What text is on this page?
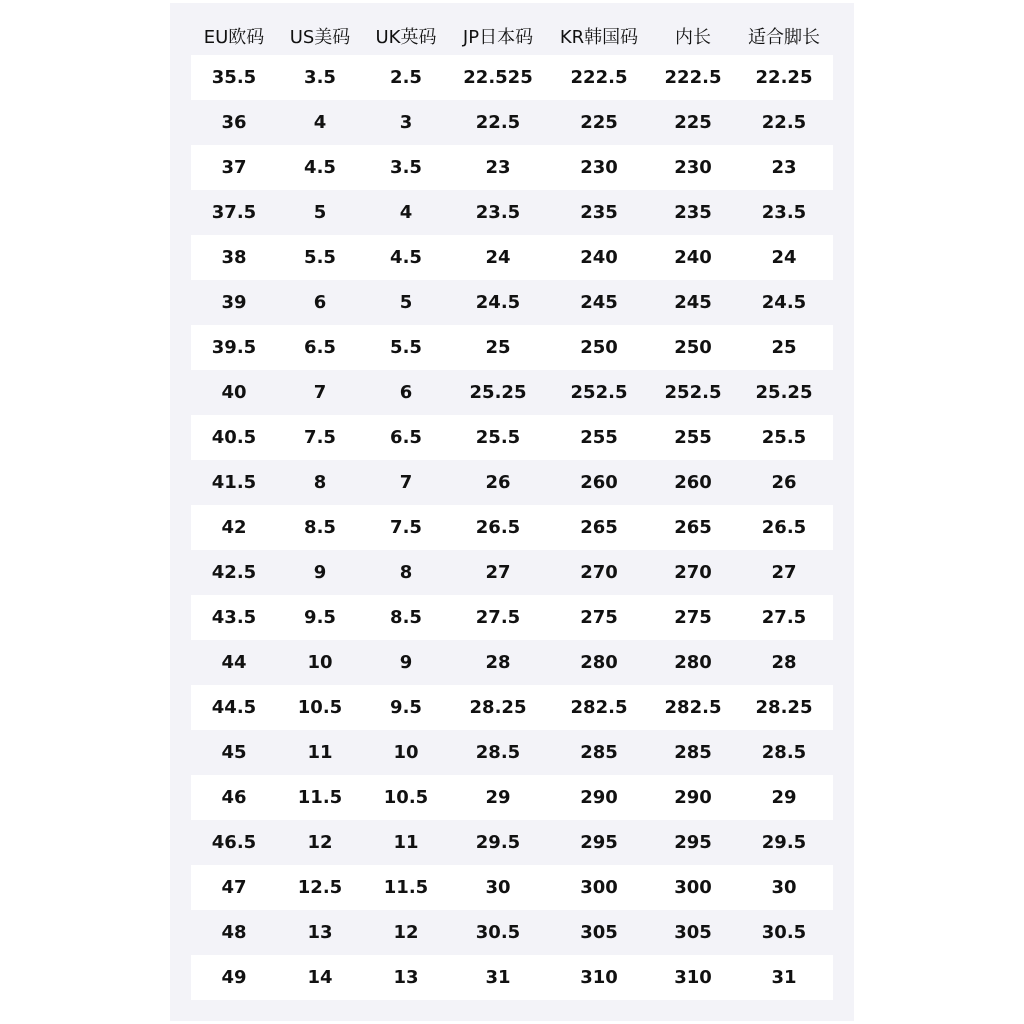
EU欧码	US美码	UK英码	JP日本码	KR韩国码	内长	适合脚长
35.5	3.5	2.5	22.525	222.5	222.5	22.25
36	4	3	22.5	225	225	22.5
37	4.5	3.5	23	230	230	23
37.5	5	4	23.5	235	235	23.5
38	5.5	4.5	24	240	240	24
39	6	5	24.5	245	245	24.5
39.5	6.5	5.5	25	250	250	25
40	7	6	25.25	252.5	252.5	25.25
40.5	7.5	6.5	25.5	255	255	25.5
41.5	8	7	26	260	260	26
42	8.5	7.5	26.5	265	265	26.5
42.5	9	8	27	270	270	27
43.5	9.5	8.5	27.5	275	275	27.5
44	10	9	28	280	280	28
44.5	10.5	9.5	28.25	282.5	282.5	28.25
45	11	10	28.5	285	285	28.5
46	11.5	10.5	29	290	290	29
46.5	12	11	29.5	295	295	29.5
47	12.5	11.5	30	300	300	30
48	13	12	30.5	305	305	30.5
49	14	13	31	310	310	31
